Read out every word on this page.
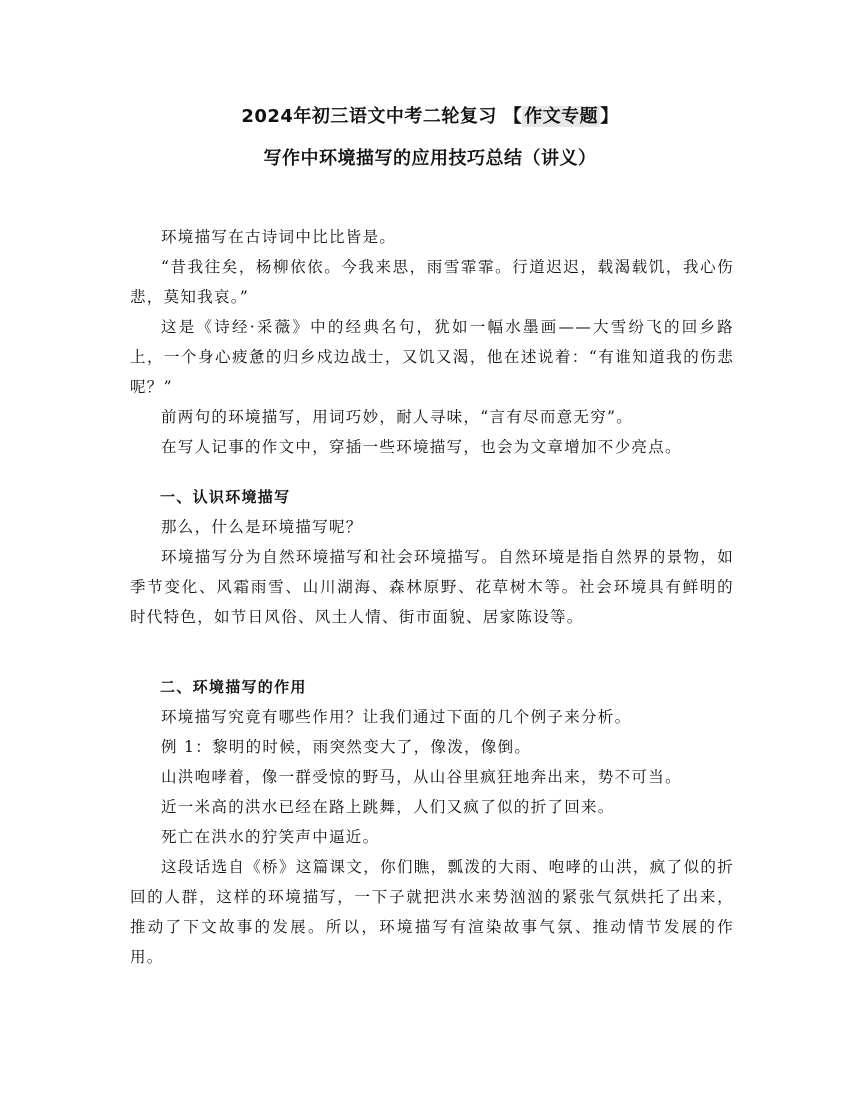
2024年初三语文中考二轮复习 【 作文专题 】
写作中环境描写的应用技巧总结（讲义）

环境描写在古诗词中比比皆是。

“昔我往矣，杨柳依依。今我来思，雨雪霏霏。行道迟迟，载渴载饥，我心伤悲，莫知我哀。”

这是《诗经·采薇》中的经典名句，犹如一幅水墨画——大雪纷飞的回乡路上，一个身心疲惫的归乡戍边战士，又饥又渴，他在述说着：“有谁知道我的伤悲呢？”

前两句的环境描写，用词巧妙，耐人寻味，“言有尽而意无穷”。

在写人记事的作文中，穿插一些环境描写，也会为文章增加不少亮点。

一、认识环境描写

那么，什么是环境描写呢？

环境描写分为自然环境描写和社会环境描写。自然环境是指自然界的景物，如季节变化、风霜雨雪、山川湖海、森林原野、花草树木等。社会环境具有鲜明的时代特色，如节日风俗、风土人情、街市面貌、居家陈设等。

二、环境描写的作用

环境描写究竟有哪些作用？让我们通过下面的几个例子来分析。

例 1：黎明的时候，雨突然变大了，像泼，像倒。

山洪咆哮着，像一群受惊的野马，从山谷里疯狂地奔出来，势不可当。

近一米高的洪水已经在路上跳舞，人们又疯了似的折了回来。

死亡在洪水的狞笑声中逼近。

这段话选自《桥》这篇课文，你们瞧，瓢泼的大雨、咆哮的山洪，疯了似的折回的人群，这样的环境描写，一下子就把洪水来势汹汹的紧张气氛烘托了出来，推动了下文故事的发展。所以，环境描写有渲染故事气氛、推动情节发展的作用。
